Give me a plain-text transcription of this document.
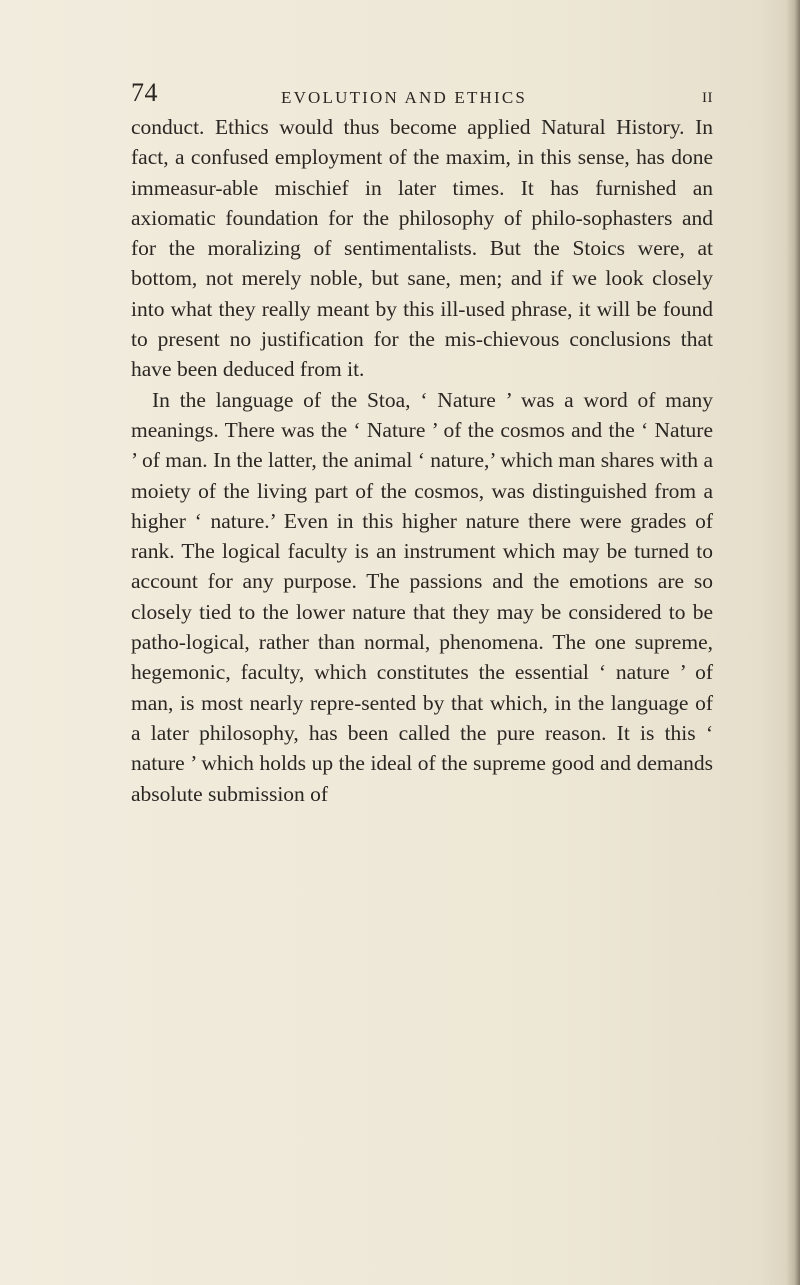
74	EVOLUTION AND ETHICS	II

conduct. Ethics would thus become applied Natural History. In fact, a confused employment of the maxim, in this sense, has done immeasur-able mischief in later times. It has furnished an axiomatic foundation for the philosophy of philo-sophasters and for the moralizing of sentimentalists. But the Stoics were, at bottom, not merely noble, but sane, men; and if we look closely into what they really meant by this ill-used phrase, it will be found to present no justification for the mis-chievous conclusions that have been deduced from it.

In the language of the Stoa, ‘ Nature ’ was a word of many meanings. There was the ‘ Nature ’ of the cosmos and the ‘ Nature ’ of man. In the latter, the animal ‘ nature,’ which man shares with a moiety of the living part of the cosmos, was distinguished from a higher ‘ nature.’ Even in this higher nature there were grades of rank. The logical faculty is an instrument which may be turned to account for any purpose. The passions and the emotions are so closely tied to the lower nature that they may be considered to be patho-logical, rather than normal, phenomena. The one supreme, hegemonic, faculty, which constitutes the essential ‘ nature ’ of man, is most nearly repre-sented by that which, in the language of a later philosophy, has been called the pure reason. It is this ‘ nature ’ which holds up the ideal of the supreme good and demands absolute submission of
